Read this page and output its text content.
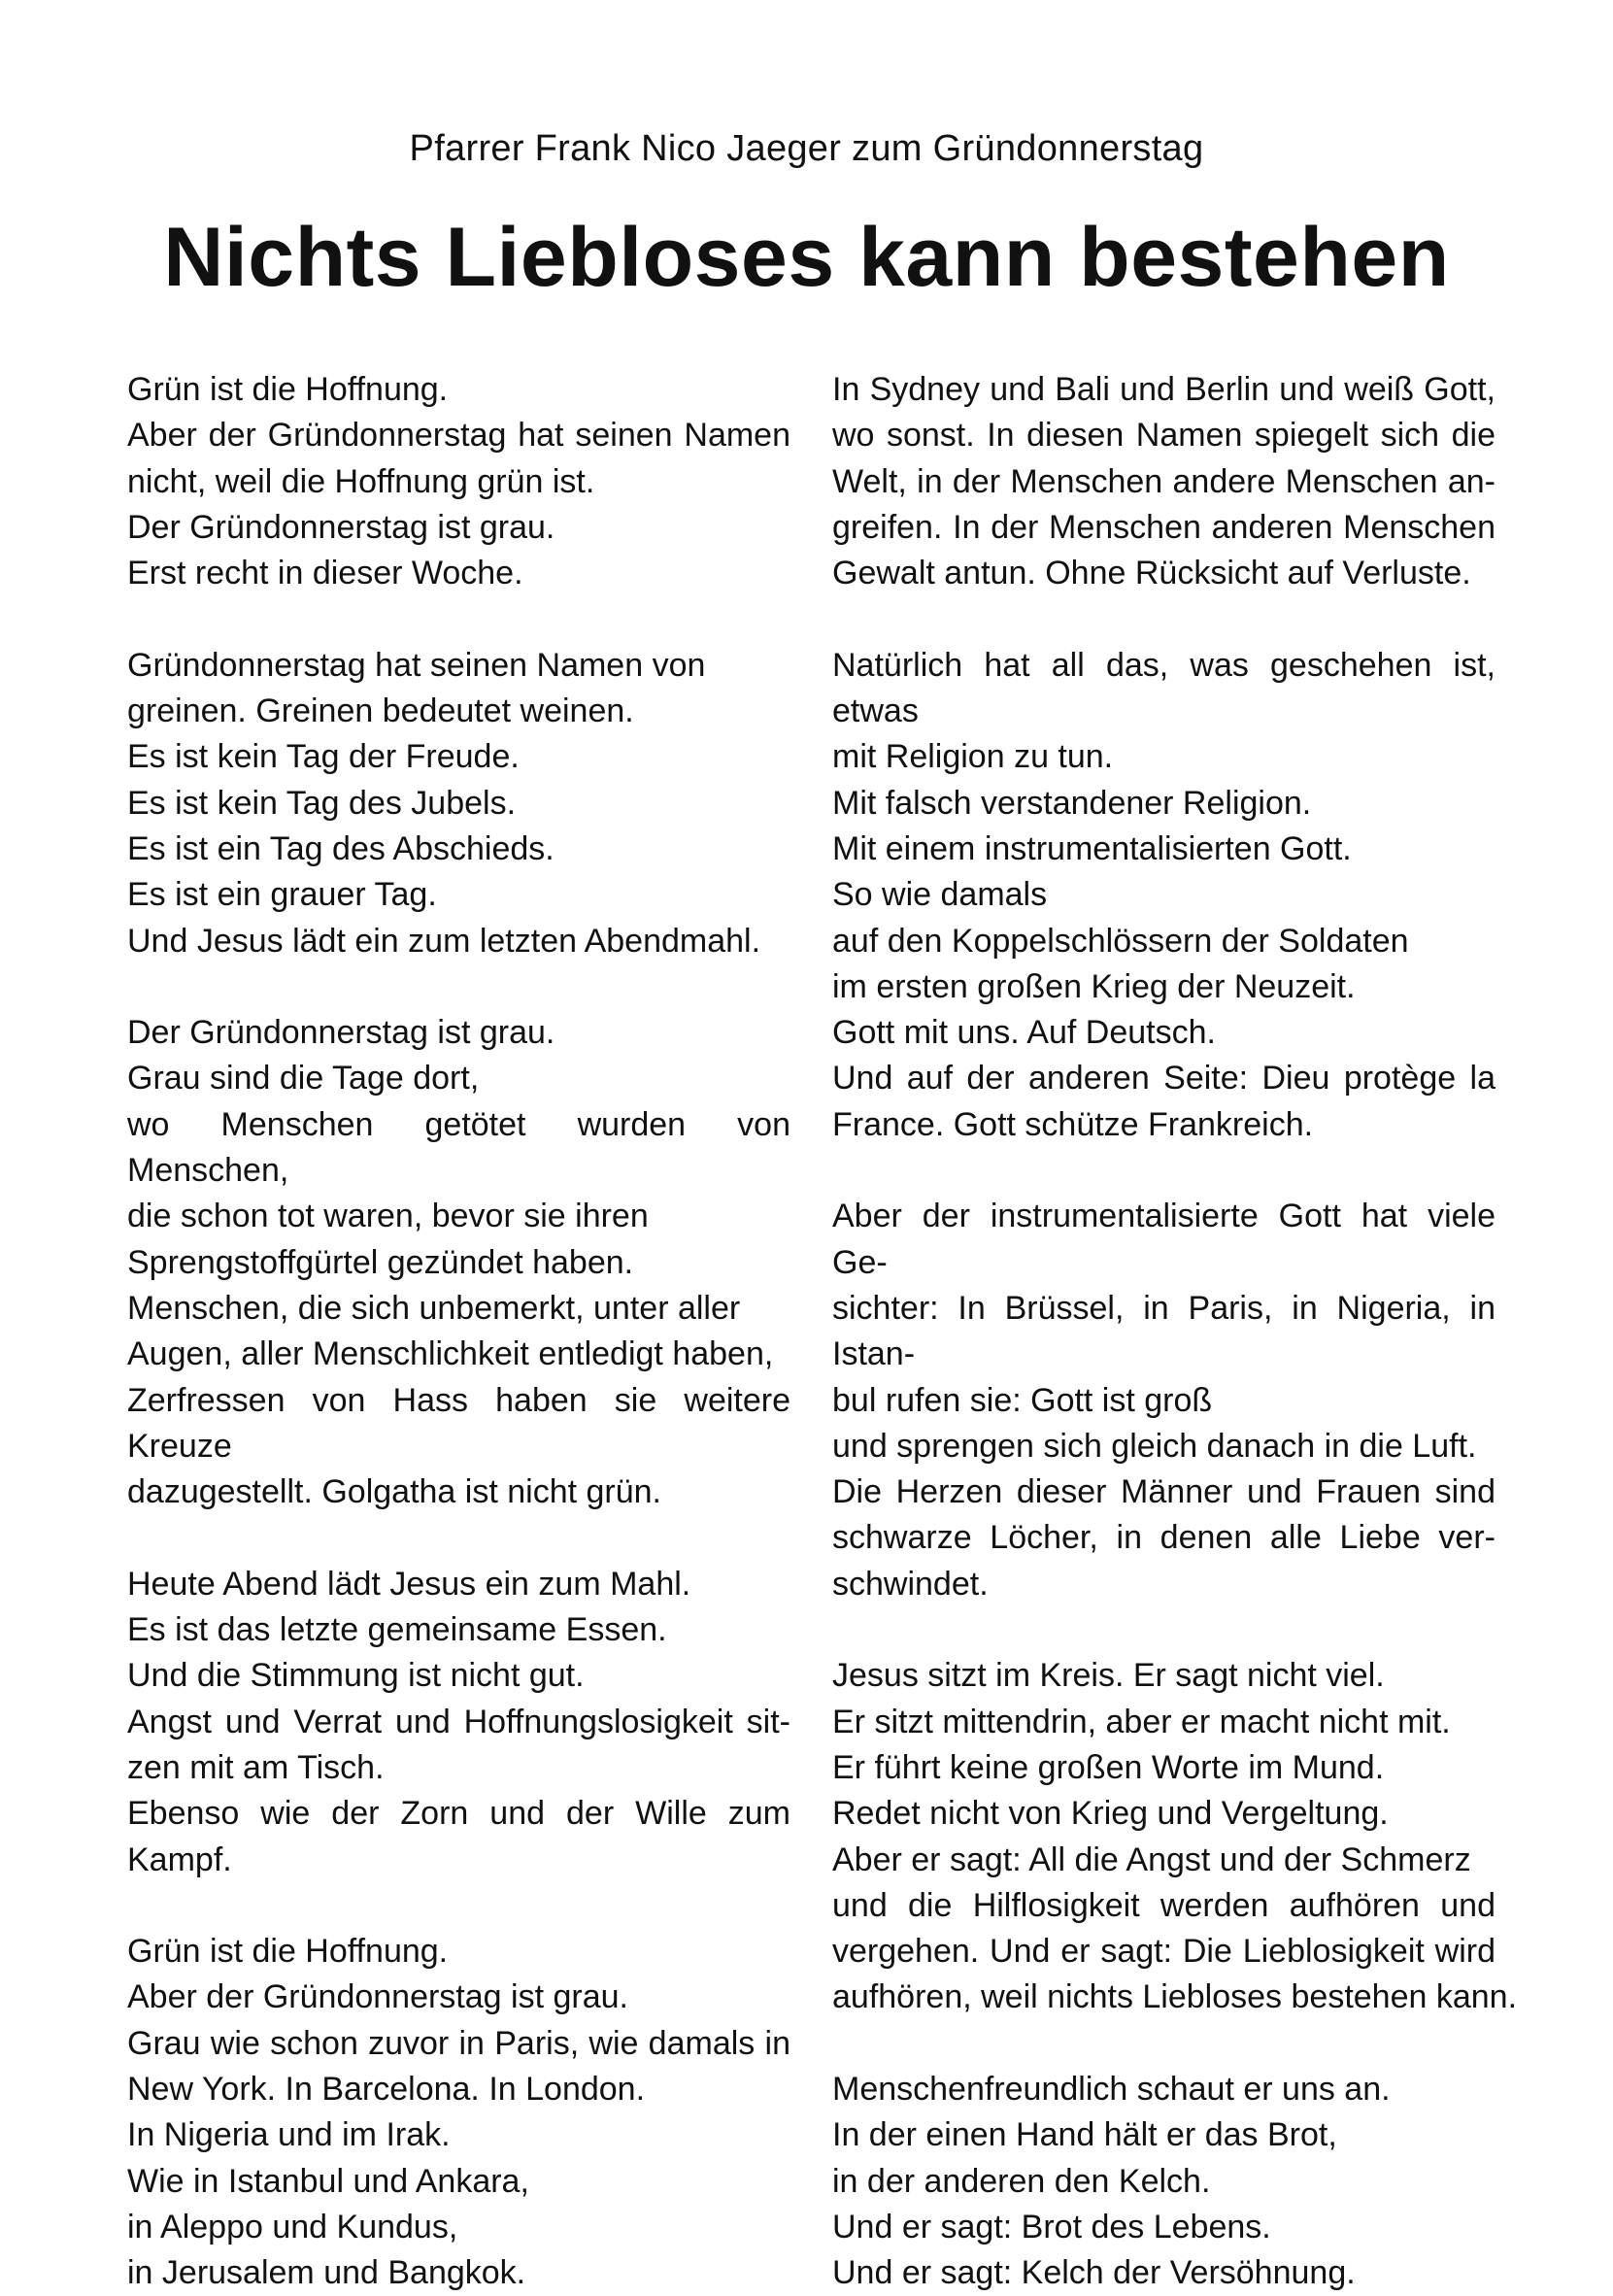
Pfarrer Frank Nico Jaeger zum Gründonnerstag
Nichts Liebloses kann bestehen
Grün ist die Hoffnung.
Aber der Gründonnerstag hat seinen Namen
nicht, weil die Hoffnung grün ist.
Der Gründonnerstag ist grau.
Erst recht in dieser Woche.
Gründonnerstag hat seinen Namen von
greinen. Greinen bedeutet weinen.
Es ist kein Tag der Freude.
Es ist kein Tag des Jubels.
Es ist ein Tag des Abschieds.
Es ist ein grauer Tag.
Und Jesus lädt ein zum letzten Abendmahl.
Der Gründonnerstag ist grau.
Grau sind die Tage dort,
wo Menschen getötet wurden von Menschen,
die schon tot waren, bevor sie ihren
Sprengstoffgürtel gezündet haben.
Menschen, die sich unbemerkt, unter aller
Augen, aller Menschlichkeit entledigt haben,
Zerfressen von Hass haben sie weitere Kreuze
dazugestellt. Golgatha ist nicht grün.
Heute Abend lädt Jesus ein zum Mahl.
Es ist das letzte gemeinsame Essen.
Und die Stimmung ist nicht gut.
Angst und Verrat und Hoffnungslosigkeit sit-
zen mit am Tisch.
Ebenso wie der Zorn und der Wille zum Kampf.
Grün ist die Hoffnung.
Aber der Gründonnerstag ist grau.
Grau wie schon zuvor in Paris, wie damals in
New York. In Barcelona. In London.
In Nigeria und im Irak.
Wie in Istanbul und Ankara,
in Aleppo und Kundus,
in Jerusalem und Bangkok.
In Sydney und Bali und Berlin und weiß Gott,
wo sonst. In diesen Namen spiegelt sich die
Welt, in der Menschen andere Menschen an-
greifen. In der Menschen anderen Menschen
Gewalt antun. Ohne Rücksicht auf Verluste.
Natürlich hat all das, was geschehen ist, etwas
mit Religion zu tun.
Mit falsch verstandener Religion.
Mit einem instrumentalisierten Gott.
So wie damals
auf den Koppelschlössern der Soldaten
im ersten großen Krieg der Neuzeit.
Gott mit uns. Auf Deutsch.
Und auf der anderen Seite: Dieu protège la
France. Gott schütze Frankreich.
Aber der instrumentalisierte Gott hat viele Ge-
sichter: In Brüssel, in Paris, in Nigeria, in Istan-
bul rufen sie: Gott ist groß
und sprengen sich gleich danach in die Luft.
Die Herzen dieser Männer und Frauen sind
schwarze Löcher, in denen alle Liebe ver-
schwindet.
Jesus sitzt im Kreis. Er sagt nicht viel.
Er sitzt mittendrin, aber er macht nicht mit.
Er führt keine großen Worte im Mund.
Redet nicht von Krieg und Vergeltung.
Aber er sagt: All die Angst und der Schmerz
und die Hilflosigkeit werden aufhören und
vergehen. Und er sagt: Die Lieblosigkeit wird
aufhören, weil nichts Liebloses bestehen kann.
Menschenfreundlich schaut er uns an.
In der einen Hand hält er das Brot,
in der anderen den Kelch.
Und er sagt: Brot des Lebens.
Und er sagt: Kelch der Versöhnung.
